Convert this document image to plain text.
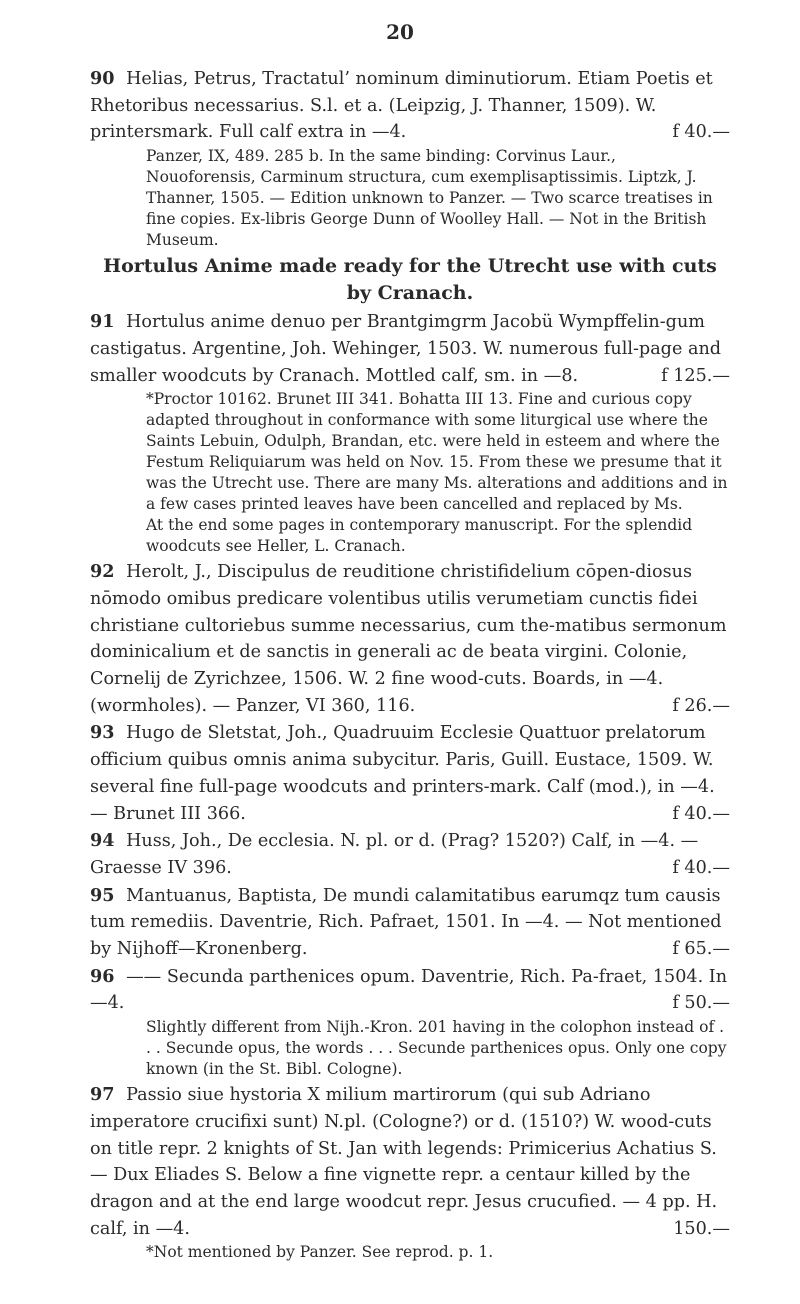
20

90 Helias, Petrus, Tractatul’ nominum diminutiorum. Etiam Poetis et Rhetoribus necessarius. S.l. et a. (Leipzig, J. Thanner, 1509). W. printersmark. Full calf extra in —4.	f 40.—

Panzer, IX, 489. 285 b. In the same binding: Corvinus Laur., Nouoforensis, Carminum structura, cum exemplisaptissimis. Liptzk, J. Thanner, 1505. — Edition unknown to Panzer. — Two scarce treatises in fine copies. Ex-libris George Dunn of Woolley Hall. — Not in the British Museum.

Hortulus Anime made ready for the Utrecht use with cuts by Cranach.

91 Hortulus anime denuo per Brantgimgrm Jacobü Wympffelin-gum castigatus. Argentine, Joh. Wehinger, 1503. W. numerous full-page and smaller woodcuts by Cranach. Mottled calf, sm. in —8.	f 125.—

*Proctor 10162. Brunet III 341. Bohatta III 13. Fine and curious copy adapted throughout in conformance with some liturgical use where the Saints Lebuin, Odulph, Brandan, etc. were held in esteem and where the Festum Reliquiarum was held on Nov. 15. From these we presume that it was the Utrecht use. There are many Ms. alterations and additions and in a few cases printed leaves have been cancelled and replaced by Ms.

At the end some pages in contemporary manuscript. For the splendid woodcuts see Heller, L. Cranach.

92 Herolt, J., Discipulus de reuditione christifidelium cōpen-diosus nōmodo omibus predicare volentibus utilis verumetiam cunctis fidei christiane cultoriebus summe necessarius, cum the-matibus sermonum dominicalium et de sanctis in generali ac de beata virgini. Colonie, Cornelij de Zyrichzee, 1506. W. 2 fine wood-cuts. Boards, in —4. (wormholes). — Panzer, VI 360, 116.	f 26.—

93 Hugo de Sletstat, Joh., Quadruuim Ecclesie Quattuor prelatorum officium quibus omnis anima subycitur. Paris, Guill. Eustace, 1509. W. several fine full-page woodcuts and printers-mark. Calf (mod.), in —4. — Brunet III 366.	f 40.—

94 Huss, Joh., De ecclesia. N. pl. or d. (Prag? 1520?) Calf, in —4. — Graesse IV 396.	f 40.—

95 Mantuanus, Baptista, De mundi calamitatibus earumqz tum causis tum remediis. Daventrie, Rich. Pafraet, 1501. In —4. — Not mentioned by Nijhoff—Kronenberg.	f 65.—

96 —— Secunda parthenices opum. Daventrie, Rich. Pa-fraet, 1504. In —4.	f 50.—

Slightly different from Nijh.-Kron. 201 having in the colophon instead of . . . Secunde opus, the words . . . Secunde parthenices opus. Only one copy known (in the St. Bibl. Cologne).

97 Passio siue hystoria X milium martirorum (qui sub Adriano imperatore crucifixi sunt) N.pl. (Cologne?) or d. (1510?) W. wood-cuts on title repr. 2 knights of St. Jan with legends: Primicerius Achatius S. — Dux Eliades S. Below a fine vignette repr. a centaur killed by the dragon and at the end large woodcut repr. Jesus crucufied. — 4 pp. H. calf, in —4.	150.—

*Not mentioned by Panzer. See reprod. p. 1.
